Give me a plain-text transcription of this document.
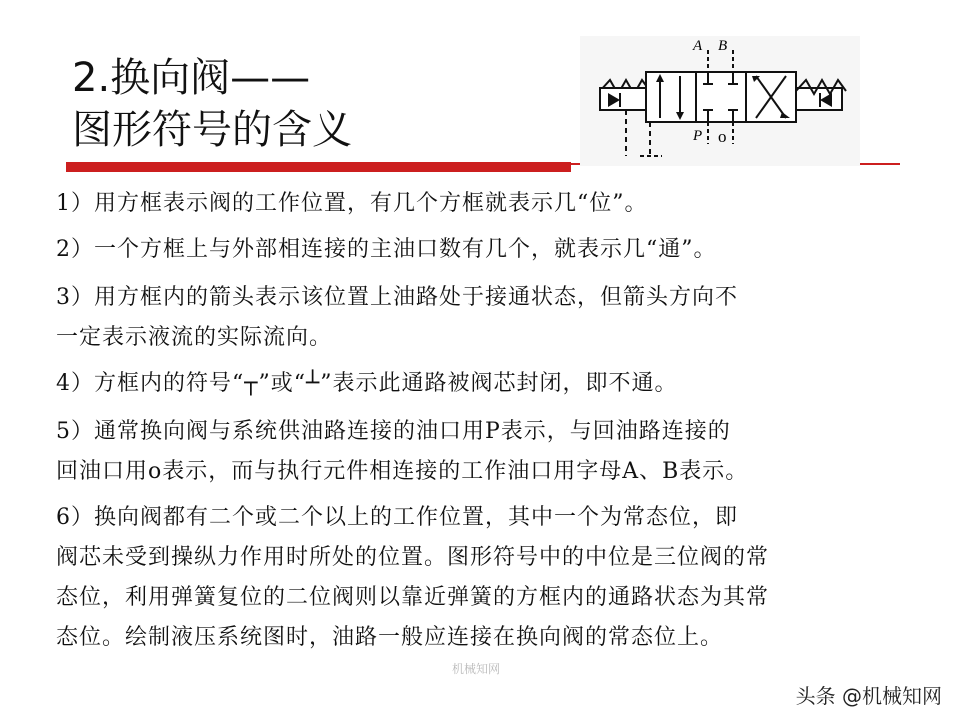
2.换向阀——
图形符号的含义
A B
P o
1）用方框表示阀的工作位置，有几个方框就表示几“位”。
2）一个方框上与外部相连接的主油口数有几个，就表示几“通”。
3）用方框内的箭头表示该位置上油路处于接通状态，但箭头方向不
一定表示液流的实际流向。
4）方框内的符号“┬”或“┴”表示此通路被阀芯封闭，即不通。
5）通常换向阀与系统供油路连接的油口用P表示，与回油路连接的
回油口用o表示，而与执行元件相连接的工作油口用字母A、B表示。
6）换向阀都有二个或二个以上的工作位置，其中一个为常态位，即
阀芯未受到操纵力作用时所处的位置。图形符号中的中位是三位阀的常
态位，利用弹簧复位的二位阀则以靠近弹簧的方框内的通路状态为其常
态位。绘制液压系统图时，油路一般应连接在换向阀的常态位上。
机械知网
头条 @机械知网
